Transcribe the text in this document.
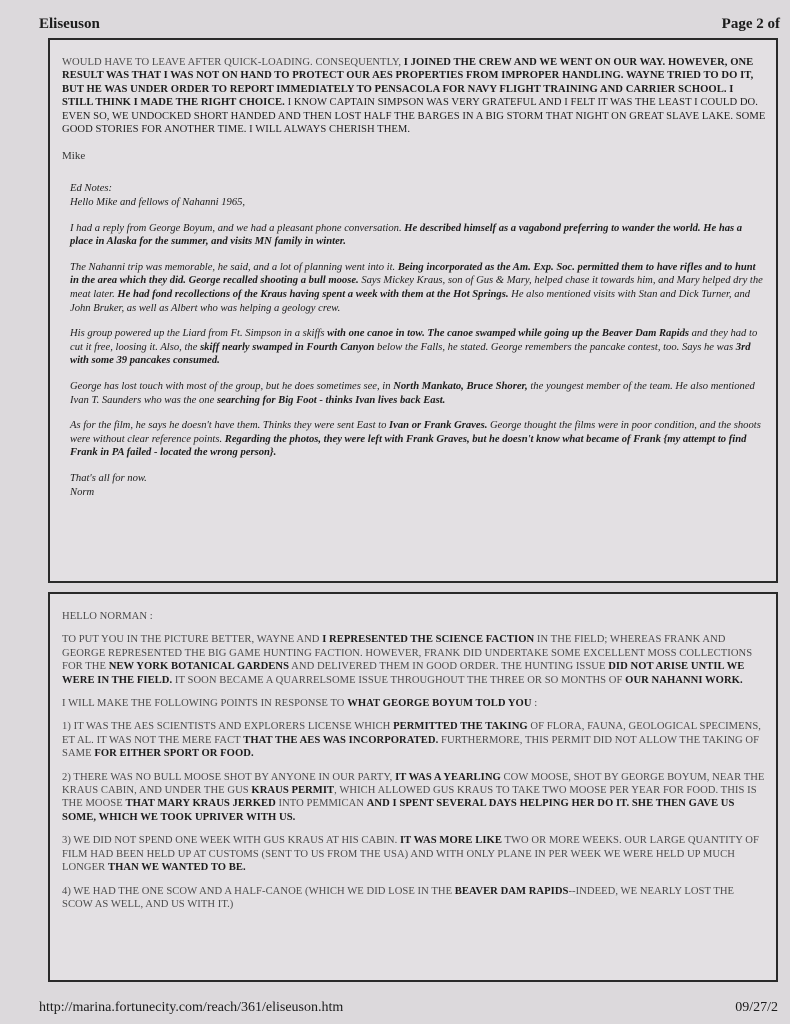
Eliseuson	Page 2 of

WOULD HAVE TO LEAVE AFTER QUICK-LOADING. CONSEQUENTLY, I JOINED THE CREW AND WE WENT ON OUR WAY. HOWEVER, ONE RESULT WAS THAT I WAS NOT ON HAND TO PROTECT OUR AES PROPERTIES FROM IMPROPER HANDLING. WAYNE TRIED TO DO IT, BUT HE WAS UNDER ORDER TO REPORT IMMEDIATELY TO PENSACOLA FOR NAVY FLIGHT TRAINING AND CARRIER SCHOOL. I STILL THINK I MADE THE RIGHT CHOICE. I KNOW CAPTAIN SIMPSON WAS VERY GRATEFUL AND I FELT IT WAS THE LEAST I COULD DO. EVEN SO, WE UNDOCKED SHORT HANDED AND THEN LOST HALF THE BARGES IN A BIG STORM THAT NIGHT ON GREAT SLAVE LAKE. SOME GOOD STORIES FOR ANOTHER TIME. I WILL ALWAYS CHERISH THEM.

Mike

Ed Notes:
Hello Mike and fellows of Nahanni 1965,

I had a reply from George Boyum, and we had a pleasant phone conversation. He described himself as a vagabond preferring to wander the world. He has a place in Alaska for the summer, and visits MN family in winter.

The Nahanni trip was memorable, he said, and a lot of planning went into it. Being incorporated as the Am. Exp. Soc. permitted them to have rifles and to hunt in the area which they did. George recalled shooting a bull moose. Says Mickey Kraus, son of Gus & Mary, helped chase it towards him, and Mary helped dry the meat later. He had fond recollections of the Kraus having spent a week with them at the Hot Springs. He also mentioned visits with Stan and Dick Turner, and John Bruker, as well as Albert who was helping a geology crew.

His group powered up the Liard from Ft. Simpson in a skiffs with one canoe in tow. The canoe swamped while going up the Beaver Dam Rapids and they had to cut it free, loosing it. Also, the skiff nearly swamped in Fourth Canyon below the Falls, he stated. George remembers the pancake contest, too. Says he was 3rd with some 39 pancakes consumed.

George has lost touch with most of the group, but he does sometimes see, in North Mankato, Bruce Shorer, the youngest member of the team. He also mentioned Ivan T. Saunders who was the one searching for Big Foot - thinks Ivan lives back East.

As for the film, he says he doesn't have them. Thinks they were sent East to Ivan or Frank Graves. George thought the films were in poor condition, and the shoots were without clear reference points. Regarding the photos, they were left with Frank Graves, but he doesn't know what became of Frank {my attempt to find Frank in PA failed - located the wrong person}.

That's all for now.
Norm

HELLO NORMAN :

TO PUT YOU IN THE PICTURE BETTER, WAYNE AND I REPRESENTED THE SCIENCE FACTION IN THE FIELD; WHEREAS FRANK AND GEORGE REPRESENTED THE BIG GAME HUNTING FACTION. HOWEVER, FRANK DID UNDERTAKE SOME EXCELLENT MOSS COLLECTIONS FOR THE NEW YORK BOTANICAL GARDENS AND DELIVERED THEM IN GOOD ORDER. THE HUNTING ISSUE DID NOT ARISE UNTIL WE WERE IN THE FIELD. IT SOON BECAME A QUARRELSOME ISSUE THROUGHOUT THE THREE OR SO MONTHS OF OUR NAHANNI WORK.

I WILL MAKE THE FOLLOWING POINTS IN RESPONSE TO WHAT GEORGE BOYUM TOLD YOU :

1) IT WAS THE AES SCIENTISTS AND EXPLORERS LICENSE WHICH PERMITTED THE TAKING OF FLORA, FAUNA, GEOLOGICAL SPECIMENS, ET AL. IT WAS NOT THE MERE FACT THAT THE AES WAS INCORPORATED. FURTHERMORE, THIS PERMIT DID NOT ALLOW THE TAKING OF SAME FOR EITHER SPORT OR FOOD.

2) THERE WAS NO BULL MOOSE SHOT BY ANYONE IN OUR PARTY, IT WAS A YEARLING COW MOOSE, SHOT BY GEORGE BOYUM, NEAR THE KRAUS CABIN, AND UNDER THE GUS KRAUS PERMIT, WHICH ALLOWED GUS KRAUS TO TAKE TWO MOOSE PER YEAR FOR FOOD. THIS IS THE MOOSE THAT MARY KRAUS JERKED INTO PEMMICAN AND I SPENT SEVERAL DAYS HELPING HER DO IT. SHE THEN GAVE US SOME, WHICH WE TOOK UPRIVER WITH US.

3) WE DID NOT SPEND ONE WEEK WITH GUS KRAUS AT HIS CABIN. IT WAS MORE LIKE TWO OR MORE WEEKS. OUR LARGE QUANTITY OF FILM HAD BEEN HELD UP AT CUSTOMS (SENT TO US FROM THE USA) AND WITH ONLY PLANE IN PER WEEK WE WERE HELD UP MUCH LONGER THAN WE WANTED TO BE.

4) WE HAD THE ONE SCOW AND A HALF-CANOE (WHICH WE DID LOSE IN THE BEAVER DAM RAPIDS--INDEED, WE NEARLY LOST THE SCOW AS WELL, AND US WITH IT.)

http://marina.fortunecity.com/reach/361/eliseuson.htm	09/27/2
